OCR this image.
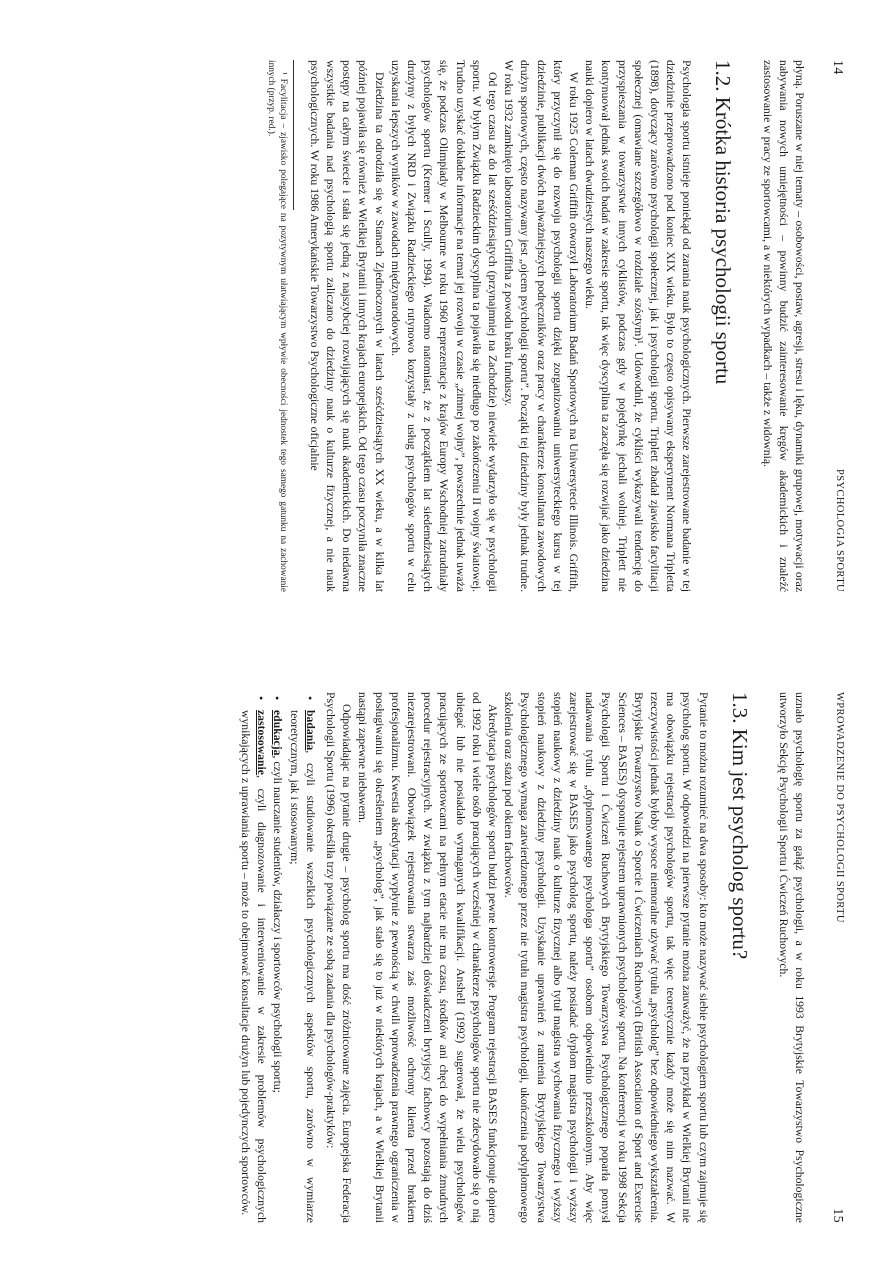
14
PSYCHOLOGIA SPORTU

płyną. Poruszane w niej tematy – osobowości, postaw, agresji, stresu i lęku, dynamiki grupowej, motywacji oraz nabywania nowych umiejętności – powinny budzić zainteresowanie kręgów akademickich i znaleźć zastosowanie w pracy ze sportowcami, a w niektórych wypadkach – także z widownią.

1.2. Krótka historia psychologii sportu

Psychologia sportu istnieje poniekąd od zarania nauk psychologicznych. Pierwsze zarejestrowane badanie w tej dziedzinie przeprowadzono pod koniec XIX wieku. Było to często opisywany eksperyment Normana Tripletta (1898), dotyczący zarówno psychologii społecznej, jak i psychologii sportu. Triplett zbadał zjawisko facylitacji społecznej (omawiane szczegółowo w rozdziale szóstym)¹. Udowodnił, że cykliści wykazywali tendencję do przyspieszania w towarzystwie innych cyklistów, podczas gdy w pojedynkę jechali wolniej. Triplett nie kontynuował jednak swoich badań w zakresie sportu, tak więc dyscyplina ta zaczęła się rozwijać jako dziedzina nauki dopiero w latach dwudziestych naszego wieku.

W roku 1925 Coleman Griffith otworzył Laboratorium Badań Sportowych na Uniwersytecie Illinois. Griffith, który przyczynił się do rozwoju psychologii sportu dzięki zorganizowaniu uniwersyteckiego kursu w tej dziedzinie, publikacji dwóch najważniejszych podręczników oraz pracy w charakterze konsultanta zawodowych drużyn sportowych, często nazywany jest „ojcem psychologii sportu”. Początki tej dziedziny były jednak trudne. W roku 1932 zamknięto laboratorium Griffitha z powodu braku funduszy.

Od tego czasu aż do lat sześćdziesiątych (przynajmniej na Zachodzie) niewiele wydarzyło się w psychologii sportu. W byłym Związku Radzieckim dyscyplina ta pojawiła się niedługo po zakończeniu II wojny światowej. Trudno uzyskać dokładne informacje na temat jej rozwoju w czasie „zimnej wojny”, powszechnie jednak uważa się, że podczas Olimpiady w Melbourne w roku 1960 reprezentacje z krajów Europy Wschodniej zatrudniały psychologów sportu (Kremer i Scully, 1994). Wiadomo natomiast, że z początkiem lat siedemdziesiątych drużyny z byłych NRD i Związku Radzieckiego rutynowo korzystały z usług psychologów sportu w celu uzyskania lepszych wyników w zawodach międzynarodowych.

Dziedzina ta odrodziła się w Stanach Zjednoczonych w latach sześćdziesiątych XX wieku, a w kilka lat później pojawiła się również w Wielkiej Brytanii i innych krajach europejskich. Od tego czasu poczyniła znaczne postępy na całym świecie i stała się jedną z najszybciej rozwijających się nauk akademickich. Do niedawna wszystkie badania nad psychologią sportu zaliczano do dziedziny nauk o kulturze fizycznej, a nie nauk psychologicznych. W roku 1986 Amerykańskie Towarzystwo Psychologiczne oficjalnie

¹ Facylitacja – zjawisko polegające na pozytywnym ułatwiającym wpływie obecności jednostek tego samego gatunku na zachowanie innych (przyp. red.).
WPROWADZENIE DO PSYCHOLOGII SPORTU
15

uznało psychologię sportu za gałąź psychologii, a w roku 1993 Brytyjskie Towarzystwo Psychologiczne utworzyło Sekcję Psychologii Sportu i Ćwiczeń Ruchowych.

1.3. Kim jest psycholog sportu?

Pytanie to można rozumieć na dwa sposoby: kto może nazywać siebie psychologiem sportu lub czym zajmuje się psycholog sportu. W odpowiedzi na pierwsze pytanie można zauważyć, że na przykład w Wielkiej Brytanii nie ma obowiązku rejestracji psychologów sportu, tak więc teoretycznie każdy może się nim nazwać. W rzeczywistości jednak byłoby wysoce niemoralne używać tytułu „psycholog” bez odpowiedniego wykształcenia. Brytyjskie Towarzystwo Nauk o Sporcie i Ćwiczeniach Ruchowych (British Association of Sport and Exercise Sciences – BASES) dysponuje rejestrem uprawnionych psychologów sportu. Na konferencji w roku 1998 Sekcja Psychologii Sportu i Ćwiczeń Ruchowych Brytyjskiego Towarzystwa Psychologicznego poparła pomysł nadawania tytułu „dyplomowanego psychologa sportu” osobom odpowiednio przeszkolonym. Aby więc zarejestrować się w BASES jako psycholog sportu, należy posiadać dyplom magistra psychologii i wyższy stopień naukowy z dziedziny nauk o kulturze fizycznej albo tytuł magistra wychowania fizycznego i wyższy stopień naukowy z dziedziny psychologii. Uzyskanie uprawnień z ramienia Brytyjskiego Towarzystwa Psychologicznego wymaga zatwierdzonego przez nie tytułu magistra psychologii, ukończenia podyplomowego szkolenia oraz stażu pod okiem fachowców.

Akredytacja psychologów sportu budzi pewne kontrowersje. Program rejestracji BASES funkcjonuje dopiero od 1992 roku i wiele osób pracujących wcześniej w charakterze psychologów sportu nie zdecydowało się o nią ubiegać lub nie posiadało wymaganych kwalifikacji. Anshell (1992) sugerował, że wielu psychologów pracujących ze sportowcami na pełnym etacie nie ma czasu, środków ani chęci do wypełniania żmudnych procedur rejestracyjnych. W związku z tym najbardziej doświadczeni brytyjscy fachowcy pozostają do dziś niezarejestrowani. Obowiązek rejestrowania stwarza zaś możliwość ochrony klienta przed brakiem profesjonalizmu. Kwestia akredytacji wypłynie z pewnością w chwili wprowadzenia prawnego ograniczenia w posługiwaniu się określeniem „psycholog”, jak stało się to już w niektórych krajach, a w Wielkiej Brytanii nastąpi zapewne niebawem.

Odpowiadając na pytanie drugie – psycholog sportu ma dość zróżnicowane zajęcia. Europejska Federacja Psychologii Sportu (1996) określiła trzy powiązane ze sobą zadania dla psychologów-praktyków:

•
badania, czyli studiowanie wszelkich psychologicznych aspektów sportu, zarówno w wymiarze teoretycznym, jak i stosowanym;
•
edukacja, czyli nauczanie studentów, działaczy i sportowców psychologii sportu;
•
zastosowanie, czyli diagnozowanie i interweniowanie w zakresie problemów psychologicznych wynikających z uprawiania sportu – może to obejmować konsultacje drużyn lub pojedynczych sportowców.
